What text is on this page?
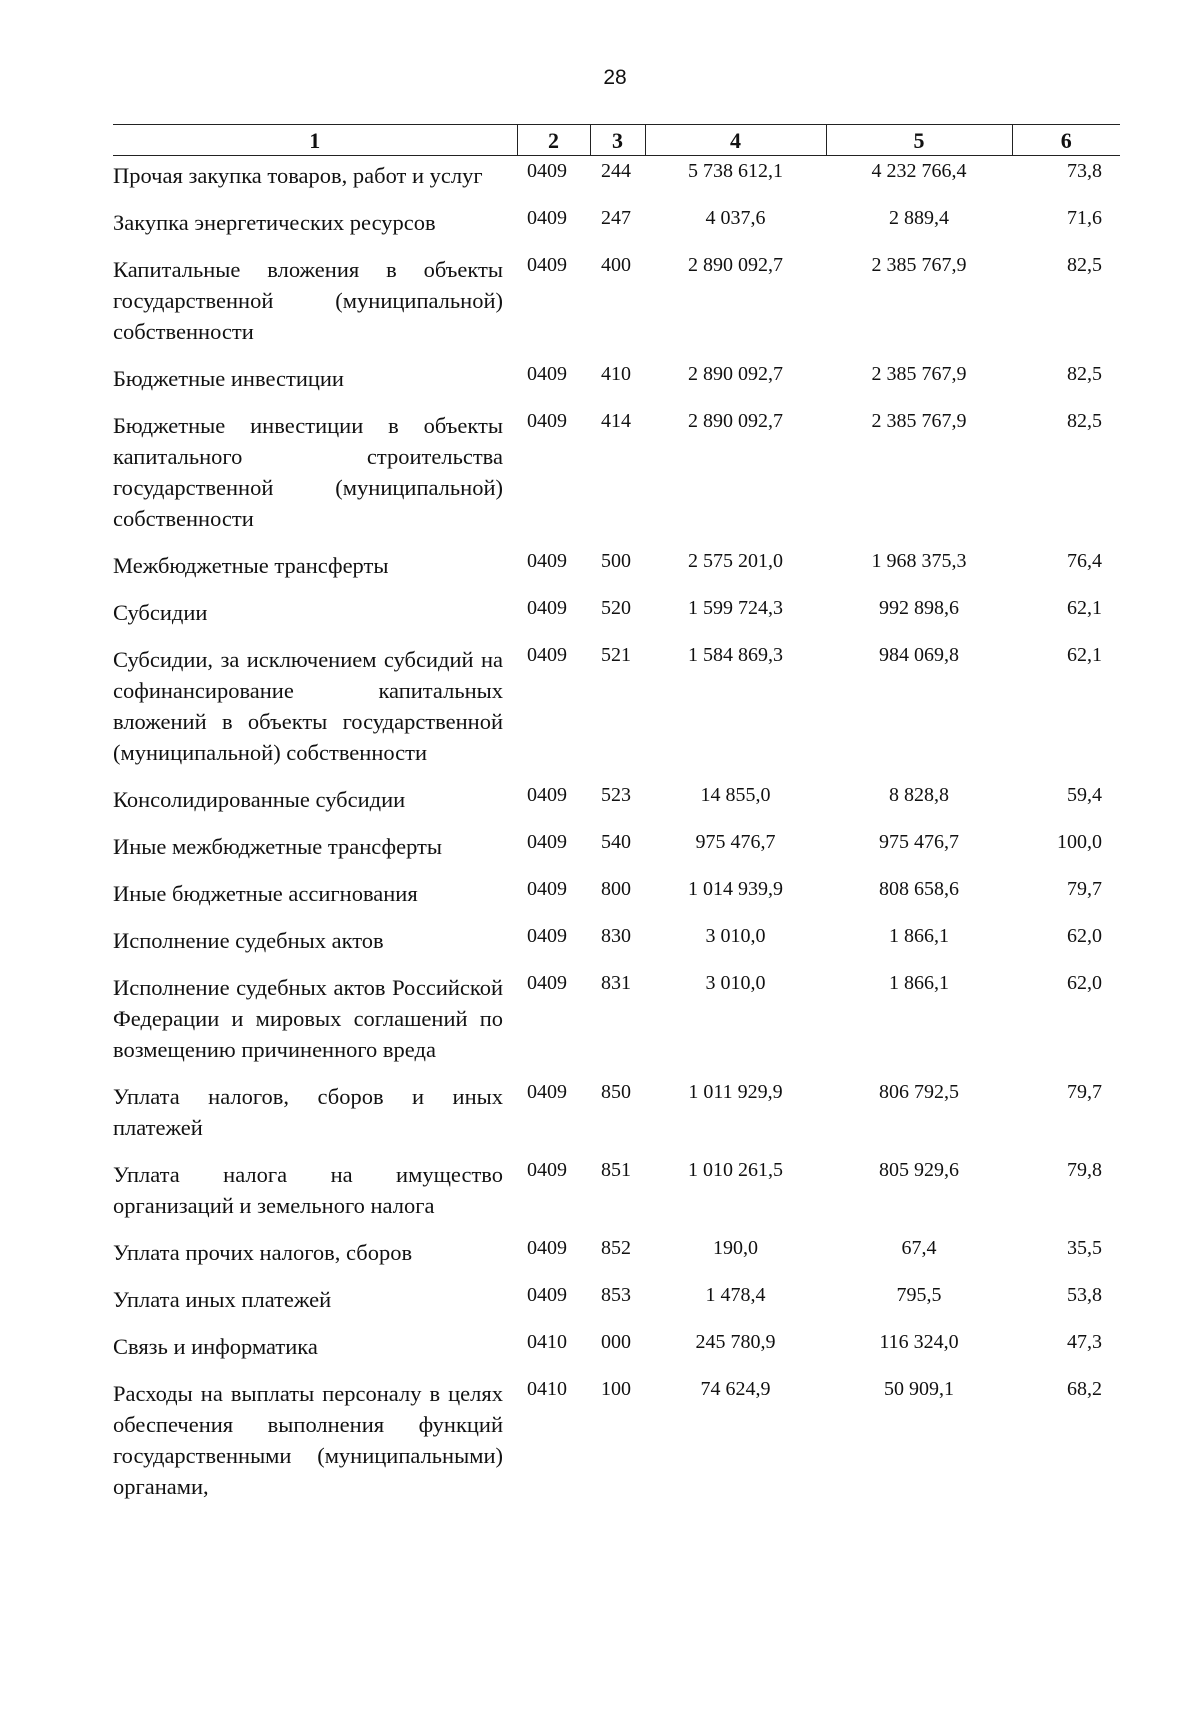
28
1	2	3	4	5	6
Прочая закупка товаров, работ и услуг	0409	244	5 738 612,1	4 232 766,4	73,8
Закупка энергетических ресурсов	0409	247	4 037,6	2 889,4	71,6
Капитальные вложения в объекты государственной (муниципальной) собственности	0409	400	2 890 092,7	2 385 767,9	82,5
Бюджетные инвестиции	0409	410	2 890 092,7	2 385 767,9	82,5
Бюджетные инвестиции в объекты капитального строительства государственной (муниципальной) собственности	0409	414	2 890 092,7	2 385 767,9	82,5
Межбюджетные трансферты	0409	500	2 575 201,0	1 968 375,3	76,4
Субсидии	0409	520	1 599 724,3	992 898,6	62,1
Субсидии, за исключением субсидий на софинансирование капитальных вложений в объекты государственной (муниципальной) собственности	0409	521	1 584 869,3	984 069,8	62,1
Консолидированные субсидии	0409	523	14 855,0	8 828,8	59,4
Иные межбюджетные трансферты	0409	540	975 476,7	975 476,7	100,0
Иные бюджетные ассигнования	0409	800	1 014 939,9	808 658,6	79,7
Исполнение судебных актов	0409	830	3 010,0	1 866,1	62,0
Исполнение судебных актов Российской Федерации и мировых соглашений по возмещению причиненного вреда	0409	831	3 010,0	1 866,1	62,0
Уплата налогов, сборов и иных платежей	0409	850	1 011 929,9	806 792,5	79,7
Уплата налога на имущество организаций и земельного налога	0409	851	1 010 261,5	805 929,6	79,8
Уплата прочих налогов, сборов	0409	852	190,0	67,4	35,5
Уплата иных платежей	0409	853	1 478,4	795,5	53,8
Связь и информатика	0410	000	245 780,9	116 324,0	47,3
Расходы на выплаты персоналу в целях обеспечения выполнения функций государственными (муниципальными) органами,	0410	100	74 624,9	50 909,1	68,2
